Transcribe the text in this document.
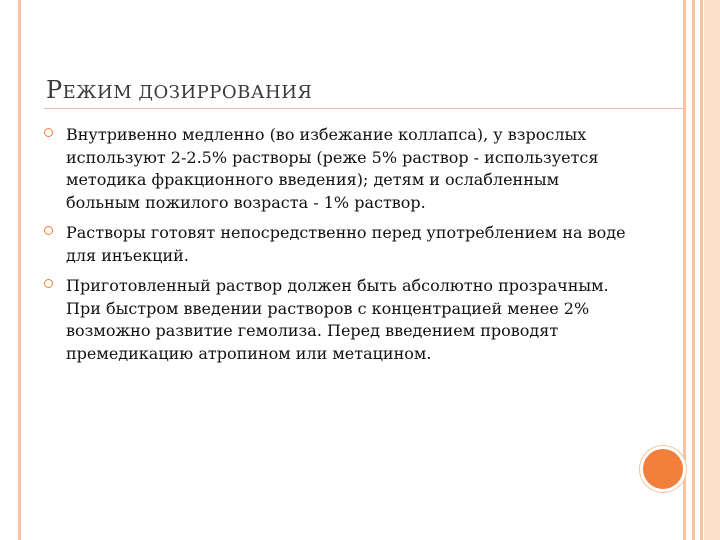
РЕЖИМ ДОЗИРРОВАНИЯ
Внутривенно медленно (во избежание коллапса), у взрослых используют 2-2.5% растворы (реже 5% раствор - используется методика фракционного введения); детям и ослабленным больным пожилого возраста - 1% раствор.
Растворы готовят непосредственно перед употреблением на воде для инъекций.
Приготовленный раствор должен быть абсолютно прозрачным. При быстром введении растворов с концентрацией менее 2% возможно развитие гемолиза. Перед введением проводят премедикацию атропином или метацином.
